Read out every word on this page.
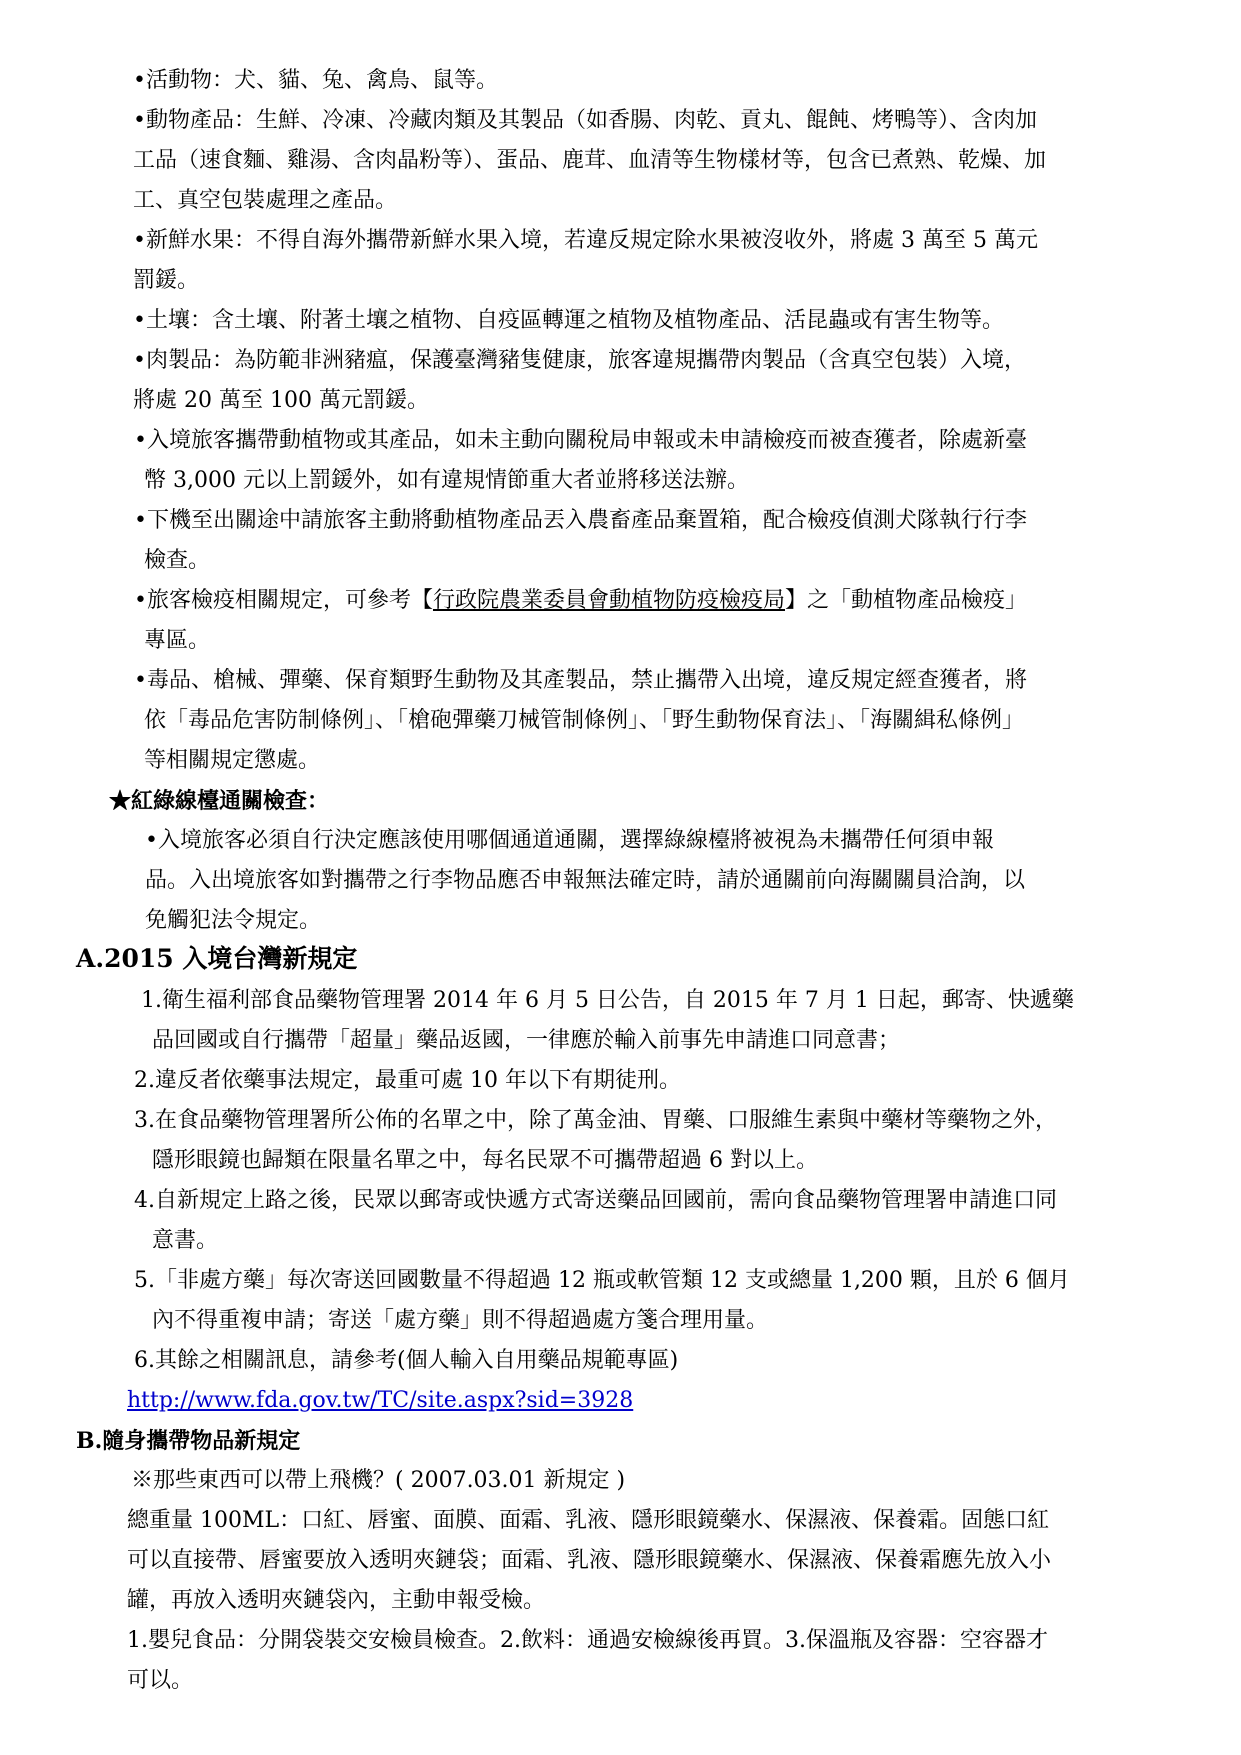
•活動物：犬、貓、兔、禽鳥、鼠等。
•動物產品：生鮮、冷凍、冷藏肉類及其製品（如香腸、肉乾、貢丸、餛飩、烤鴨等）、含肉加
工品（速食麵、雞湯、含肉晶粉等）、蛋品、鹿茸、血清等生物樣材等，包含已煮熟、乾燥、加
工、真空包裝處理之產品。
•新鮮水果：不得自海外攜帶新鮮水果入境，若違反規定除水果被沒收外，將處 3 萬至 5 萬元
罰鍰。
•土壤：含土壤、附著土壤之植物、自疫區轉運之植物及植物產品、活昆蟲或有害生物等。
•肉製品：為防範非洲豬瘟，保護臺灣豬隻健康，旅客違規攜帶肉製品（含真空包裝）入境，
將處 20 萬至 100 萬元罰鍰。
•入境旅客攜帶動植物或其產品，如未主動向關稅局申報或未申請檢疫而被查獲者，除處新臺
幣 3,000 元以上罰鍰外，如有違規情節重大者並將移送法辦。
•下機至出關途中請旅客主動將動植物產品丟入農畜產品棄置箱，配合檢疫偵測犬隊執行行李
檢查。
•旅客檢疫相關規定，可參考【行政院農業委員會動植物防疫檢疫局】之「動植物產品檢疫」
專區。
•毒品、槍械、彈藥、保育類野生動物及其產製品，禁止攜帶入出境，違反規定經查獲者，將
依「毒品危害防制條例」、「槍砲彈藥刀械管制條例」、「野生動物保育法」、「海關緝私條例」
等相關規定懲處。
★紅綠線檯通關檢查：
•入境旅客必須自行決定應該使用哪個通道通關，選擇綠線檯將被視為未攜帶任何須申報
品。入出境旅客如對攜帶之行李物品應否申報無法確定時，請於通關前向海關關員洽詢，以
免觸犯法令規定。
A.2015 入境台灣新規定
1.衛生福利部食品藥物管理署 2014 年 6 月 5 日公告，自 2015 年 7 月 1 日起，郵寄、快遞藥
品回國或自行攜帶「超量」藥品返國，一律應於輸入前事先申請進口同意書；
2.違反者依藥事法規定，最重可處 10 年以下有期徒刑。
3.在食品藥物管理署所公佈的名單之中，除了萬金油、胃藥、口服維生素與中藥材等藥物之外，
隱形眼鏡也歸類在限量名單之中，每名民眾不可攜帶超過 6 對以上。
4.自新規定上路之後，民眾以郵寄或快遞方式寄送藥品回國前，需向食品藥物管理署申請進口同
意書。
5.「非處方藥」每次寄送回國數量不得超過 12 瓶或軟管類 12 支或總量 1,200 顆，且於 6 個月
內不得重複申請；寄送「處方藥」則不得超過處方箋合理用量。
6.其餘之相關訊息，請參考(個人輸入自用藥品規範專區)
http://www.fda.gov.tw/TC/site.aspx?sid=3928
B.隨身攜帶物品新規定
※那些東西可以帶上飛機？( 2007.03.01 新規定 )
總重量 100ML：口紅、唇蜜、面膜、面霜、乳液、隱形眼鏡藥水、保濕液、保養霜。固態口紅
可以直接帶、唇蜜要放入透明夾鏈袋；面霜、乳液、隱形眼鏡藥水、保濕液、保養霜應先放入小
罐，再放入透明夾鏈袋內，主動申報受檢。
1.嬰兒食品：分開袋裝交安檢員檢查。2.飲料：通過安檢線後再買。3.保溫瓶及容器：空容器才
可以。
